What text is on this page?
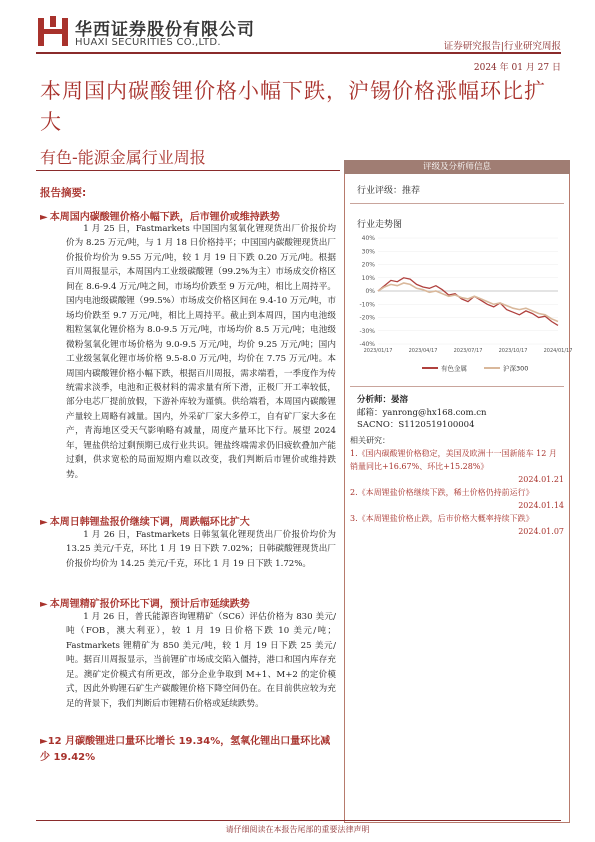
华西证券股份有限公司
HUAXI SECURITIES CO.,LTD.	证券研究报告|行业研究周报
2024 年 01 月 27 日
本周国内碳酸锂价格小幅下跌，沪锡价格涨幅环比扩大
有色-能源金属行业周报
报告摘要:
► 本周国内碳酸锂价格小幅下跌，后市锂价或维持跌势
1 月 25 日，Fastmarkets 中国国内氢氧化锂现货出厂价报价均价为 8.25 万元/吨，与 1 月 18 日价格持平；中国国内碳酸锂现货出厂价报价均价为 9.55 万元/吨，较 1 月 19 日下跌 0.20 万元/吨。根据百川周报显示，本周国内工业级碳酸锂（99.2%为主）市场成交价格区间在 8.6-9.4 万元/吨之间，市场均价跌至 9 万元/吨，相比上周持平。国内电池级碳酸锂（99.5%）市场成交价格区间在 9.4-10 万元/吨，市场均价跌至 9.7 万元/吨，相比上周持平。截止到本周四，国内电池级粗粒氢氧化锂价格为 8.0-9.5 万元/吨，市场均价 8.5 万元/吨；电池级微粉氢氧化锂市场价格为 9.0-9.5 万元/吨，均价 9.25 万元/吨；国内工业级氢氧化锂市场价格 9.5-8.0 万元/吨，均价在 7.75 万元/吨。本周国内碳酸锂价格小幅下跌，根据百川周报，需求端看，一季度作为传统需求淡季，电池和正极材料的需求量有所下滑，正极厂开工率较低，部分电芯厂提前放假，下游补库较为谨慎。供给端看，本周国内碳酸锂产量较上周略有减量。国内，外采矿厂家大多停工，自有矿厂家大多在产，青海地区受天气影响略有减量，周度产量环比下行。展望 2024 年，锂盐供给过剩预期已成行业共识。锂盐终端需求仍旧疲软叠加产能过剩，供求宽松的局面短期内难以改变，我们判断后市锂价或维持跌势。
► 本周日韩锂盐报价继续下调，周跌幅环比扩大
1 月 26 日，Fastmarkets 日韩氢氧化锂现货出厂价报价均价为 13.25 美元/千克，环比 1 月 19 日下跌 7.02%；日韩碳酸锂现货出厂价报价均价为 14.25 美元/千克，环比 1 月 19 日下跌 1.72%。
► 本周锂精矿报价环比下调，预计后市延续跌势
1 月 26 日，普氏能源咨询锂精矿（SC6）评估价格为 830 美元/吨（FOB，澳大利亚），较 1 月 19 日价格下跌 10 美元/吨；Fastmarkets 锂精矿为 850 美元/吨，较 1 月 19 日下跌 25 美元/吨。据百川周报显示，当前锂矿市场成交陷入僵持，港口和国内库存充足。澳矿定价模式有所更改，部分企业争取到 M+1、M+2 的定价模式，因此外购锂石矿生产碳酸锂价格下降空间仍在。在目前供应较为充足的背景下，我们判断后市锂精石价格或延续跌势。
►12 月碳酸锂进口量环比增长 19.34%，氢氧化锂出口量环比减少 19.42%
评级及分析师信息
行业评级：推荐
行业走势图
40%
30%
20%
10%
0%
-10%
-20%
-30%
-40%
2023/01/17	2023/04/17	2023/07/17	2023/10/17	2024/01/17
有色金属	沪深300
分析师：晏溶
邮箱：yanrong@hx168.com.cn
SACNO：S1120519100004
相关研究：
1.《国内碳酸锂价格稳定，美国及欧洲十一国新能车 12 月销量同比+16.67%、环比+15.28%》
2024.01.21
2.《本周锂盐价格继续下跌，稀土价格仍持前运行》
2024.01.14
3.《本周锂盐价格止跌，后市价格大概率持续下跌》
2024.01.07
请仔细阅读在本报告尾部的重要法律声明
